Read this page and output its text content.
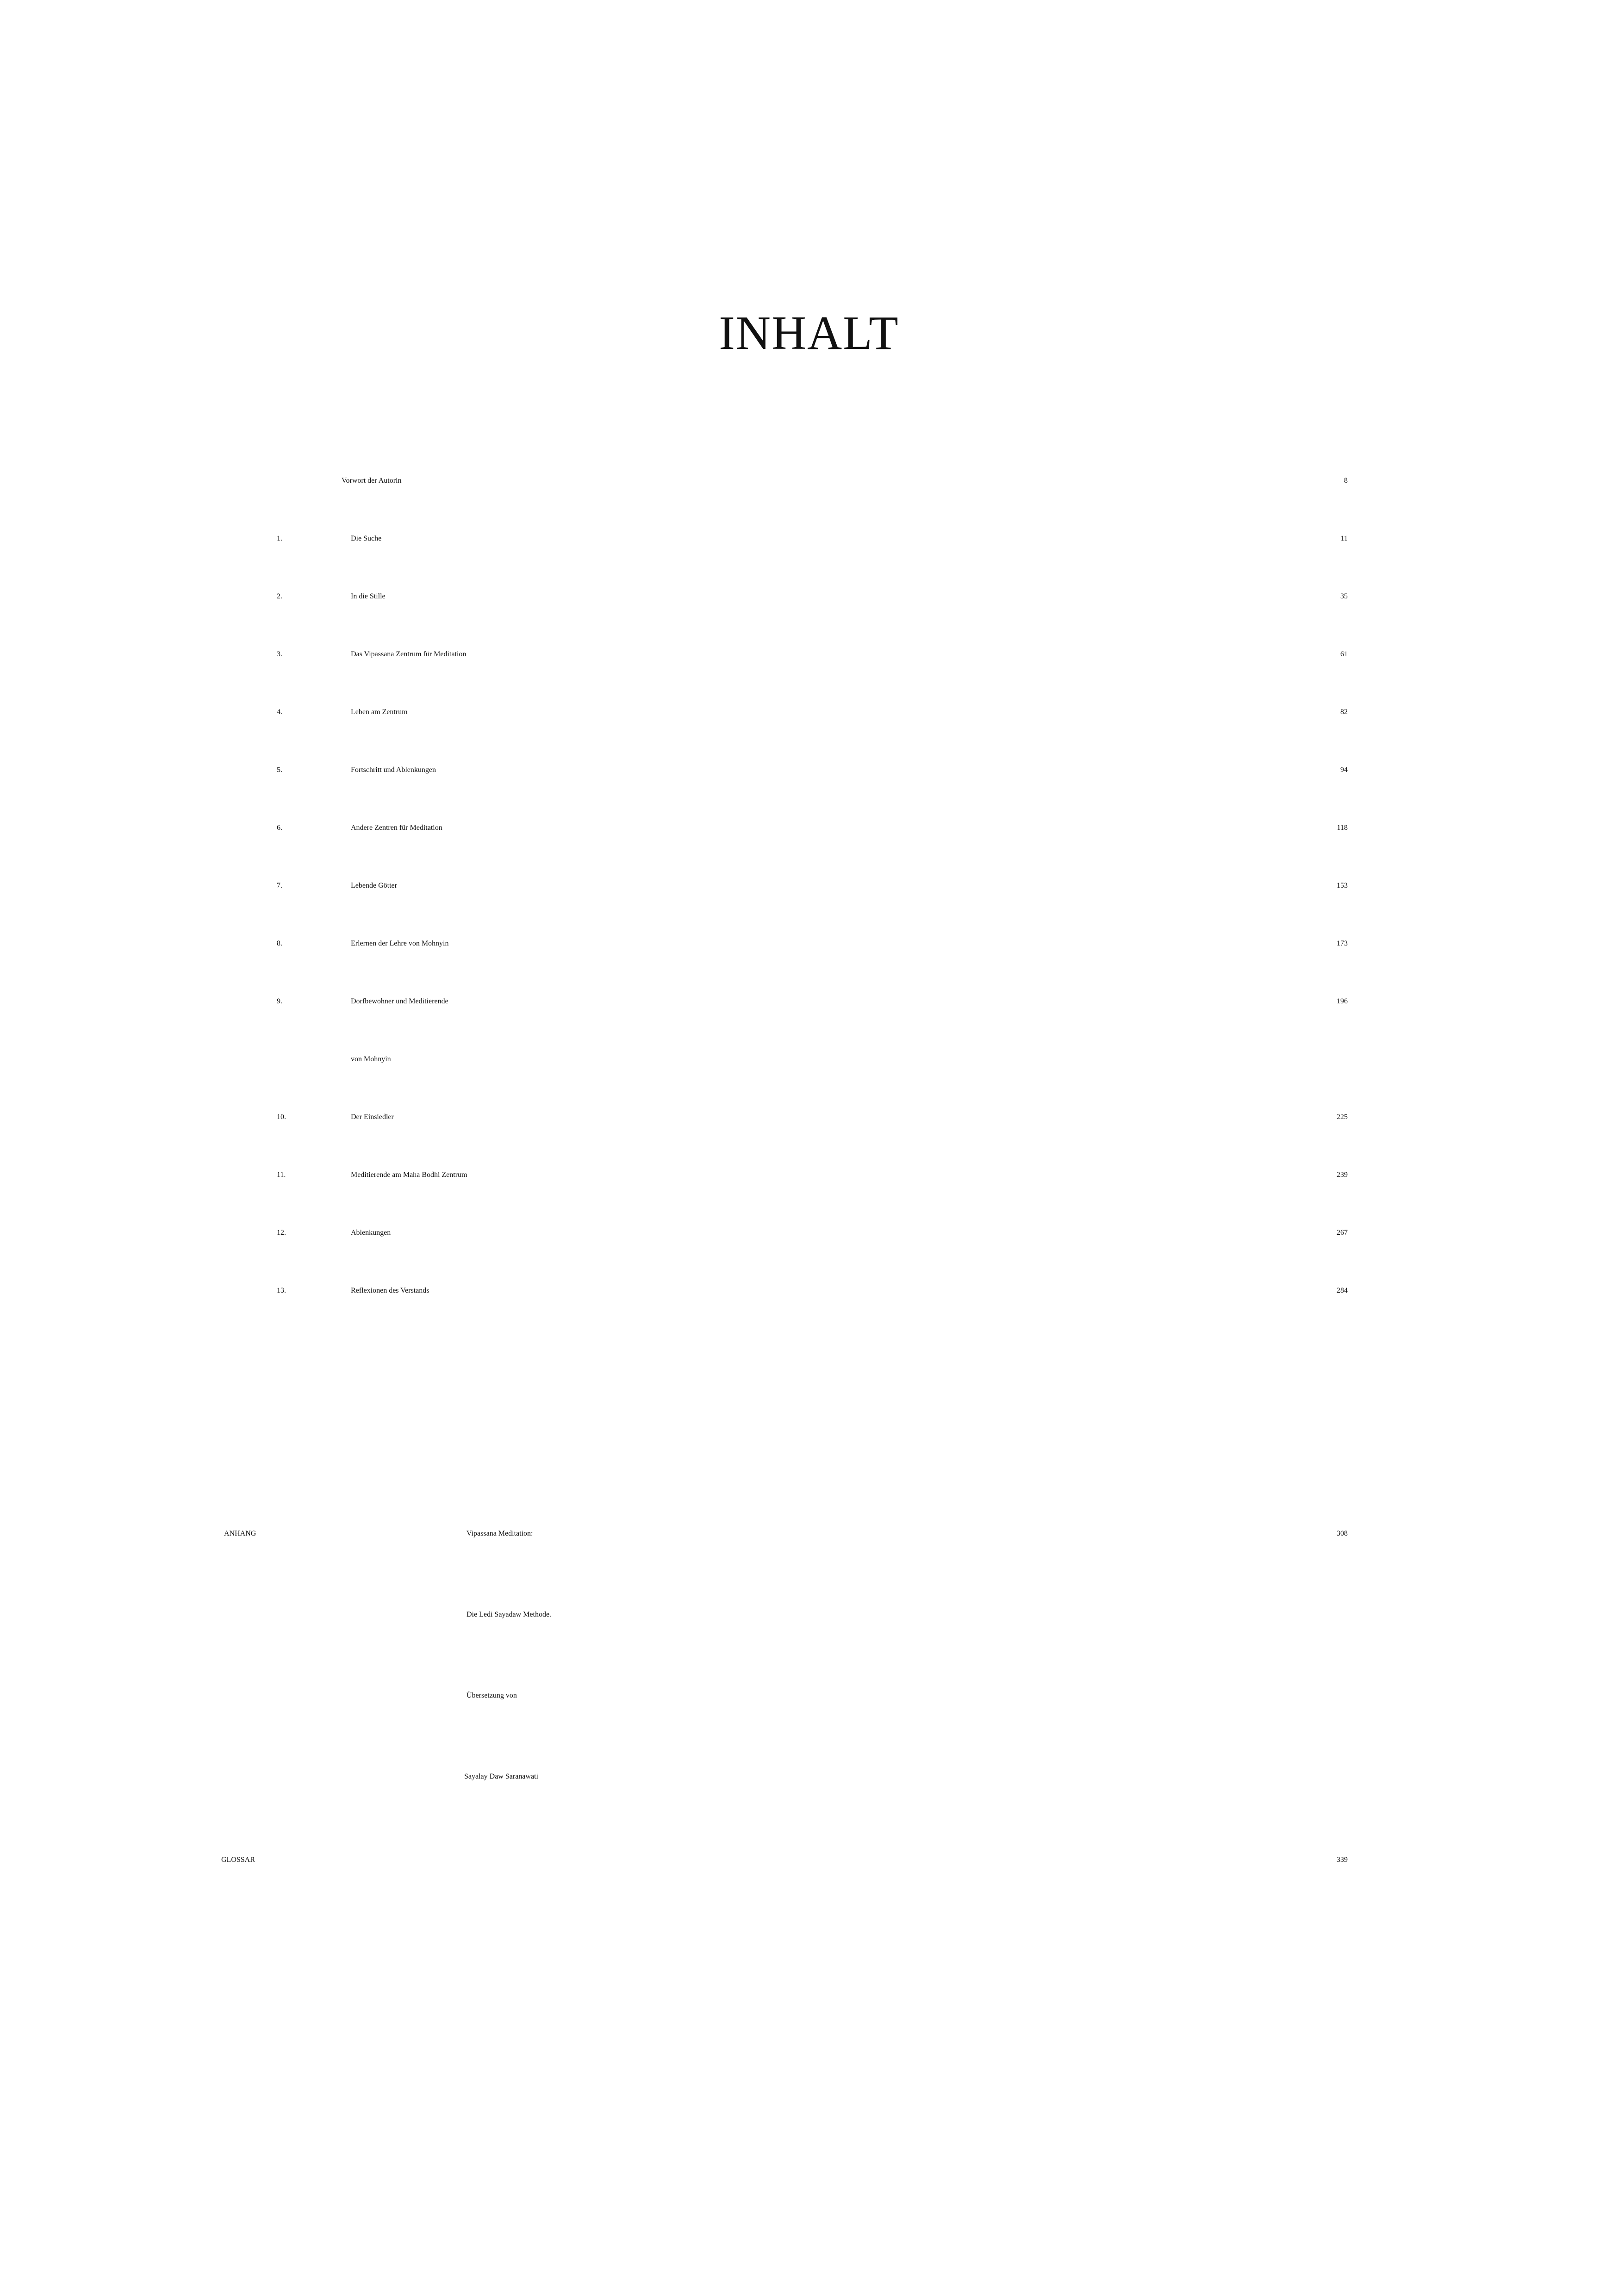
INHALT
Vorwort der Autorin	8
1.	Die Suche	11
2.	In die Stille	35
3.	Das Vipassana Zentrum für Meditation	61
4.	Leben am Zentrum	82
5.	Fortschritt und Ablenkungen	94
6.	Andere Zentren für Meditation	118
7.	Lebende Götter	153
8.	Erlernen der Lehre von Mohnyin	173
9.	Dorfbewohner und Meditierende	196
von Mohnyin
10.	Der Einsiedler	225
11.	Meditierende am Maha Bodhi Zentrum	239
12.	Ablenkungen	267
13.	Reflexionen des Verstands	284
ANHANG	Vipassana Meditation:	308
Die Ledi Sayadaw Methode.
Übersetzung von
Sayalay Daw Saranawati
GLOSSAR	339
